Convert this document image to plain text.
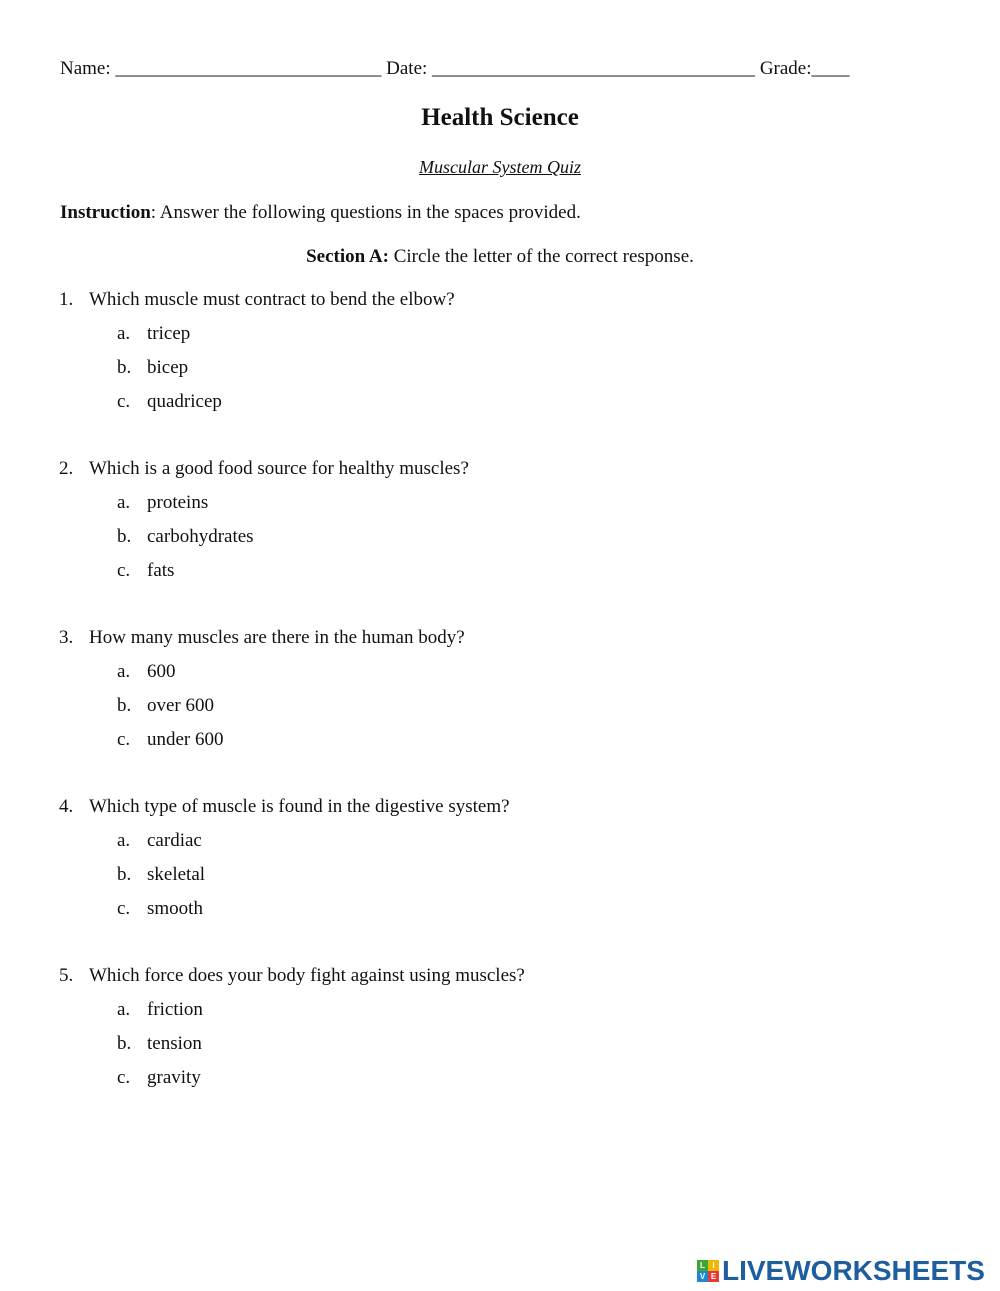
Name: ____________________________ Date: __________________________________ Grade:____
Health Science
Muscular System Quiz
Instruction: Answer the following questions in the spaces provided.
Section A: Circle the letter of the correct response.
1. Which muscle must contract to bend the elbow?
a. tricep
b. bicep
c. quadricep
2. Which is a good food source for healthy muscles?
a. proteins
b. carbohydrates
c. fats
3. How many muscles are there in the human body?
a. 600
b. over 600
c. under 600
4. Which type of muscle is found in the digestive system?
a. cardiac
b. skeletal
c. smooth
5. Which force does your body fight against using muscles?
a. friction
b. tension
c. gravity
L I
V E LIVEWORKSHEETS
